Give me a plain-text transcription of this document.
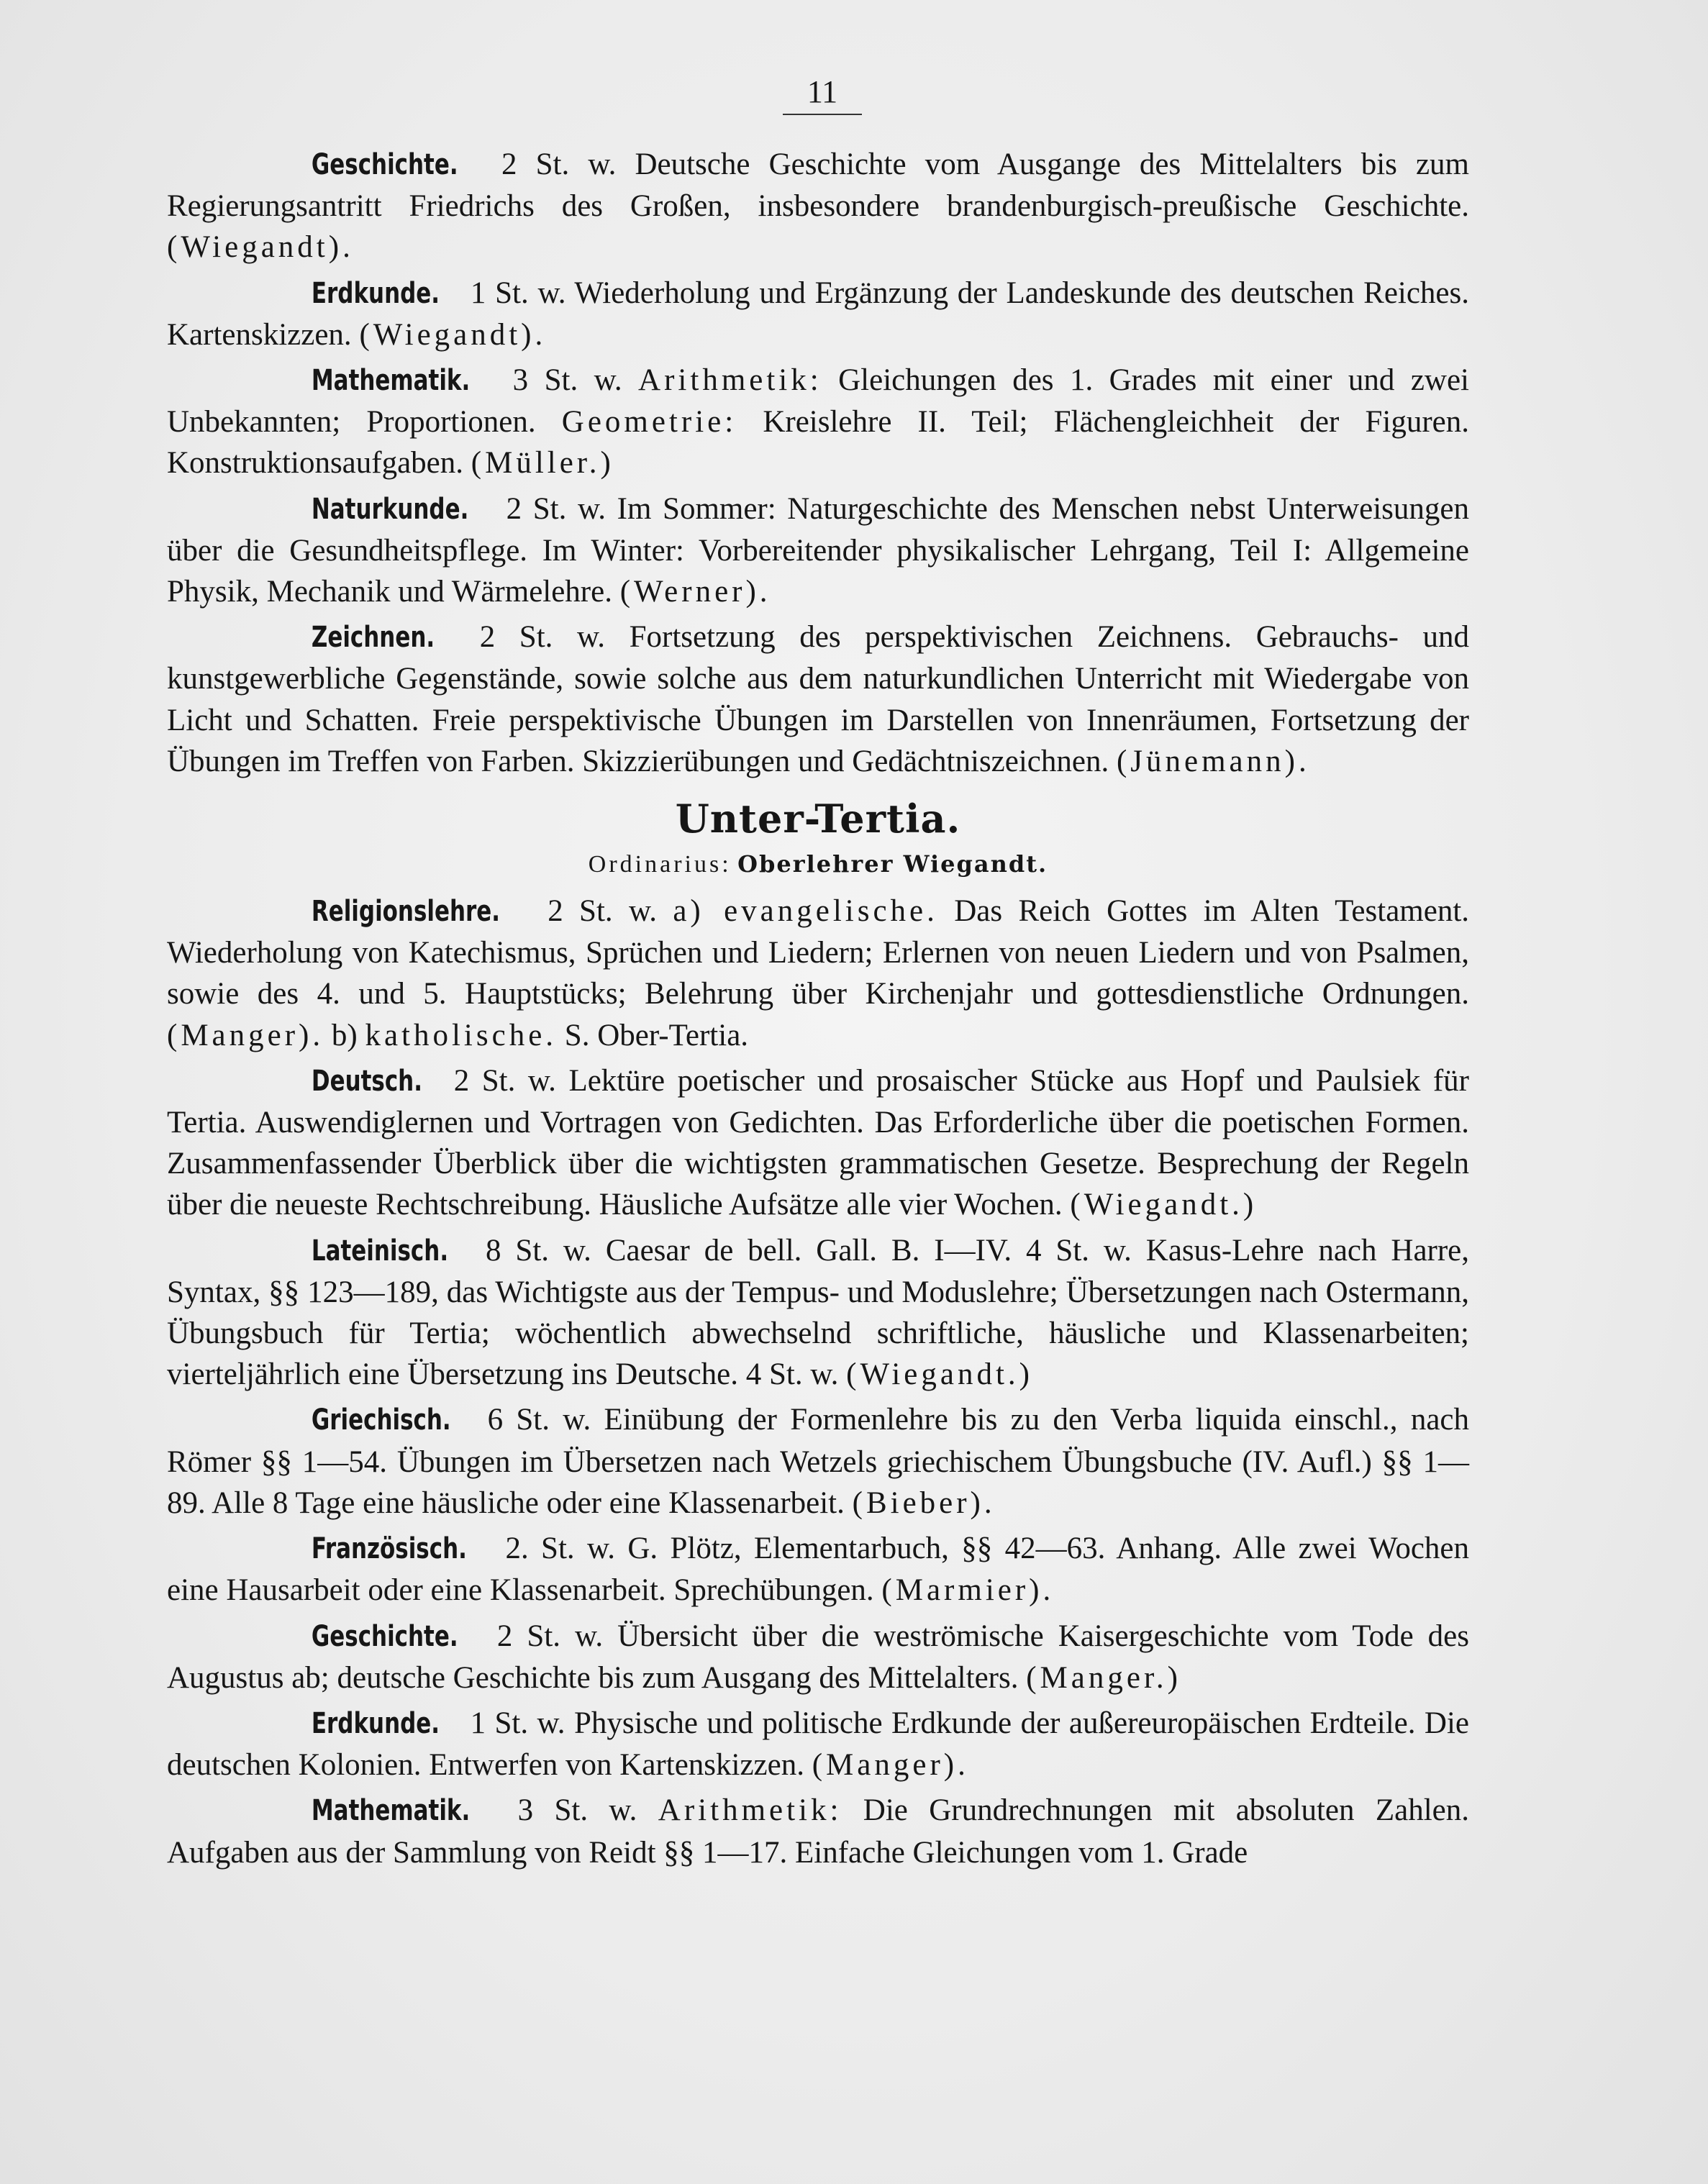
11

Geschichte. 2 St. w. Deutsche Geschichte vom Ausgange des Mittelalters bis zum Regierungsantritt Friedrichs des Großen, insbesondere brandenburgisch-preußische Geschichte. (Wiegandt).

Erdkunde. 1 St. w. Wiederholung und Ergänzung der Landeskunde des deutschen Reiches. Kartenskizzen. (Wiegandt).

Mathematik. 3 St. w. Arithmetik: Gleichungen des 1. Grades mit einer und zwei Unbekannten; Proportionen. Geometrie: Kreislehre II. Teil; Flächengleichheit der Figuren. Konstruktionsaufgaben. (Müller.)

Naturkunde. 2 St. w. Im Sommer: Naturgeschichte des Menschen nebst Unterweisungen über die Gesundheitspflege. Im Winter: Vorbereitender physikalischer Lehrgang, Teil I: Allgemeine Physik, Mechanik und Wärmelehre. (Werner).

Zeichnen. 2 St. w. Fortsetzung des perspektivischen Zeichnens. Gebrauchs- und kunstgewerbliche Gegenstände, sowie solche aus dem naturkundlichen Unterricht mit Wiedergabe von Licht und Schatten. Freie perspektivische Übungen im Darstellen von Innenräumen, Fortsetzung der Übungen im Treffen von Farben. Skizzierübungen und Gedächtniszeichnen. (Jünemann).

Unter-Tertia.
Ordinarius: Oberlehrer Wiegandt.

Religionslehre. 2 St. w. a) evangelische. Das Reich Gottes im Alten Testament. Wiederholung von Katechismus, Sprüchen und Liedern; Erlernen von neuen Liedern und von Psalmen, sowie des 4. und 5. Hauptstücks; Belehrung über Kirchenjahr und gottesdienstliche Ordnungen. (Manger). b) katholische. S. Ober-Tertia.

Deutsch. 2 St. w. Lektüre poetischer und prosaischer Stücke aus Hopf und Paulsiek für Tertia. Auswendiglernen und Vortragen von Gedichten. Das Erforderliche über die poetischen Formen. Zusammenfassender Überblick über die wichtigsten grammatischen Gesetze. Besprechung der Regeln über die neueste Rechtschreibung. Häusliche Aufsätze alle vier Wochen. (Wiegandt.)

Lateinisch. 8 St. w. Caesar de bell. Gall. B. I—IV. 4 St. w. Kasus-Lehre nach Harre, Syntax, §§ 123—189, das Wichtigste aus der Tempus- und Moduslehre; Übersetzungen nach Ostermann, Übungsbuch für Tertia; wöchentlich abwechselnd schriftliche, häusliche und Klassenarbeiten; vierteljährlich eine Übersetzung ins Deutsche. 4 St. w. (Wiegandt.)

Griechisch. 6 St. w. Einübung der Formenlehre bis zu den Verba liquida einschl., nach Römer §§ 1—54. Übungen im Übersetzen nach Wetzels griechischem Übungsbuche (IV. Aufl.) §§ 1—89. Alle 8 Tage eine häusliche oder eine Klassenarbeit. (Bieber).

Französisch. 2. St. w. G. Plötz, Elementarbuch, §§ 42—63. Anhang. Alle zwei Wochen eine Hausarbeit oder eine Klassenarbeit. Sprechübungen. (Marmier).

Geschichte. 2 St. w. Übersicht über die weströmische Kaisergeschichte vom Tode des Augustus ab; deutsche Geschichte bis zum Ausgang des Mittelalters. (Manger.)

Erdkunde. 1 St. w. Physische und politische Erdkunde der außereuropäischen Erdteile. Die deutschen Kolonien. Entwerfen von Kartenskizzen. (Manger).

Mathematik. 3 St. w. Arithmetik: Die Grundrechnungen mit absoluten Zahlen. Aufgaben aus der Sammlung von Reidt §§ 1—17. Einfache Gleichungen vom 1. Grade
